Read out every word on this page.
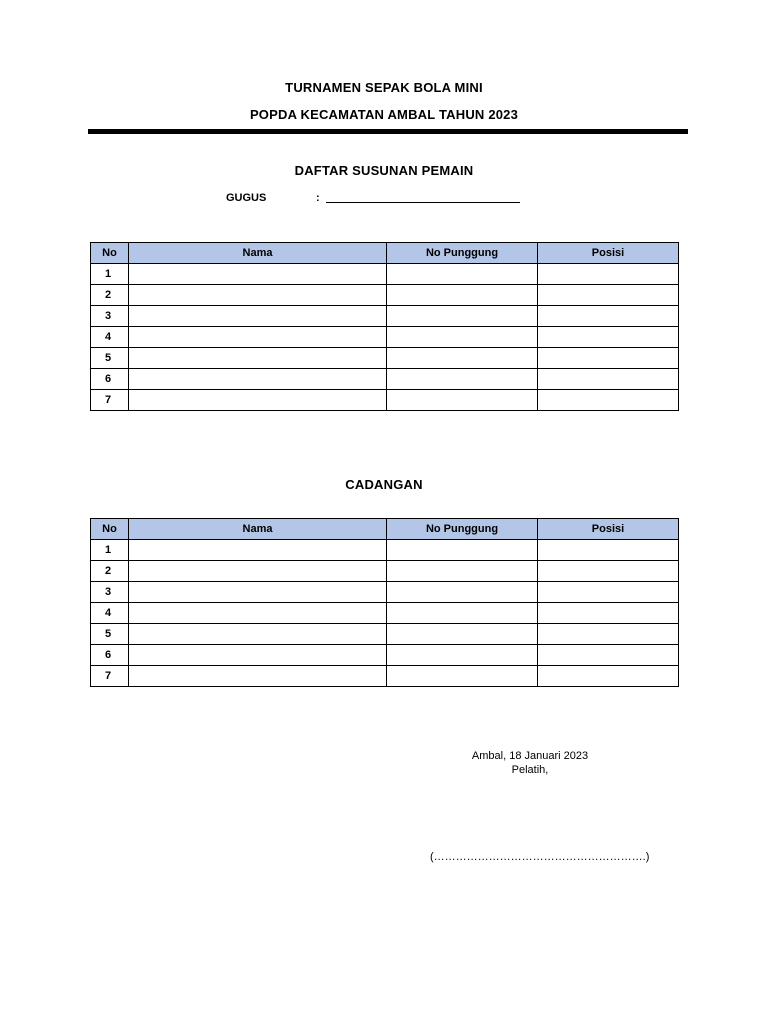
TURNAMEN SEPAK BOLA MINI
POPDA KECAMATAN AMBAL TAHUN 2023
DAFTAR SUSUNAN PEMAIN
GUGUS	:
No	Nama	No Punggung	Posisi
1			
2			
3			
4			
5			
6			
7			
CADANGAN
No	Nama	No Punggung	Posisi
1			
2			
3			
4			
5			
6			
7			
Ambal, 18 Januari 2023
Pelatih,
(………………………………………………….)
